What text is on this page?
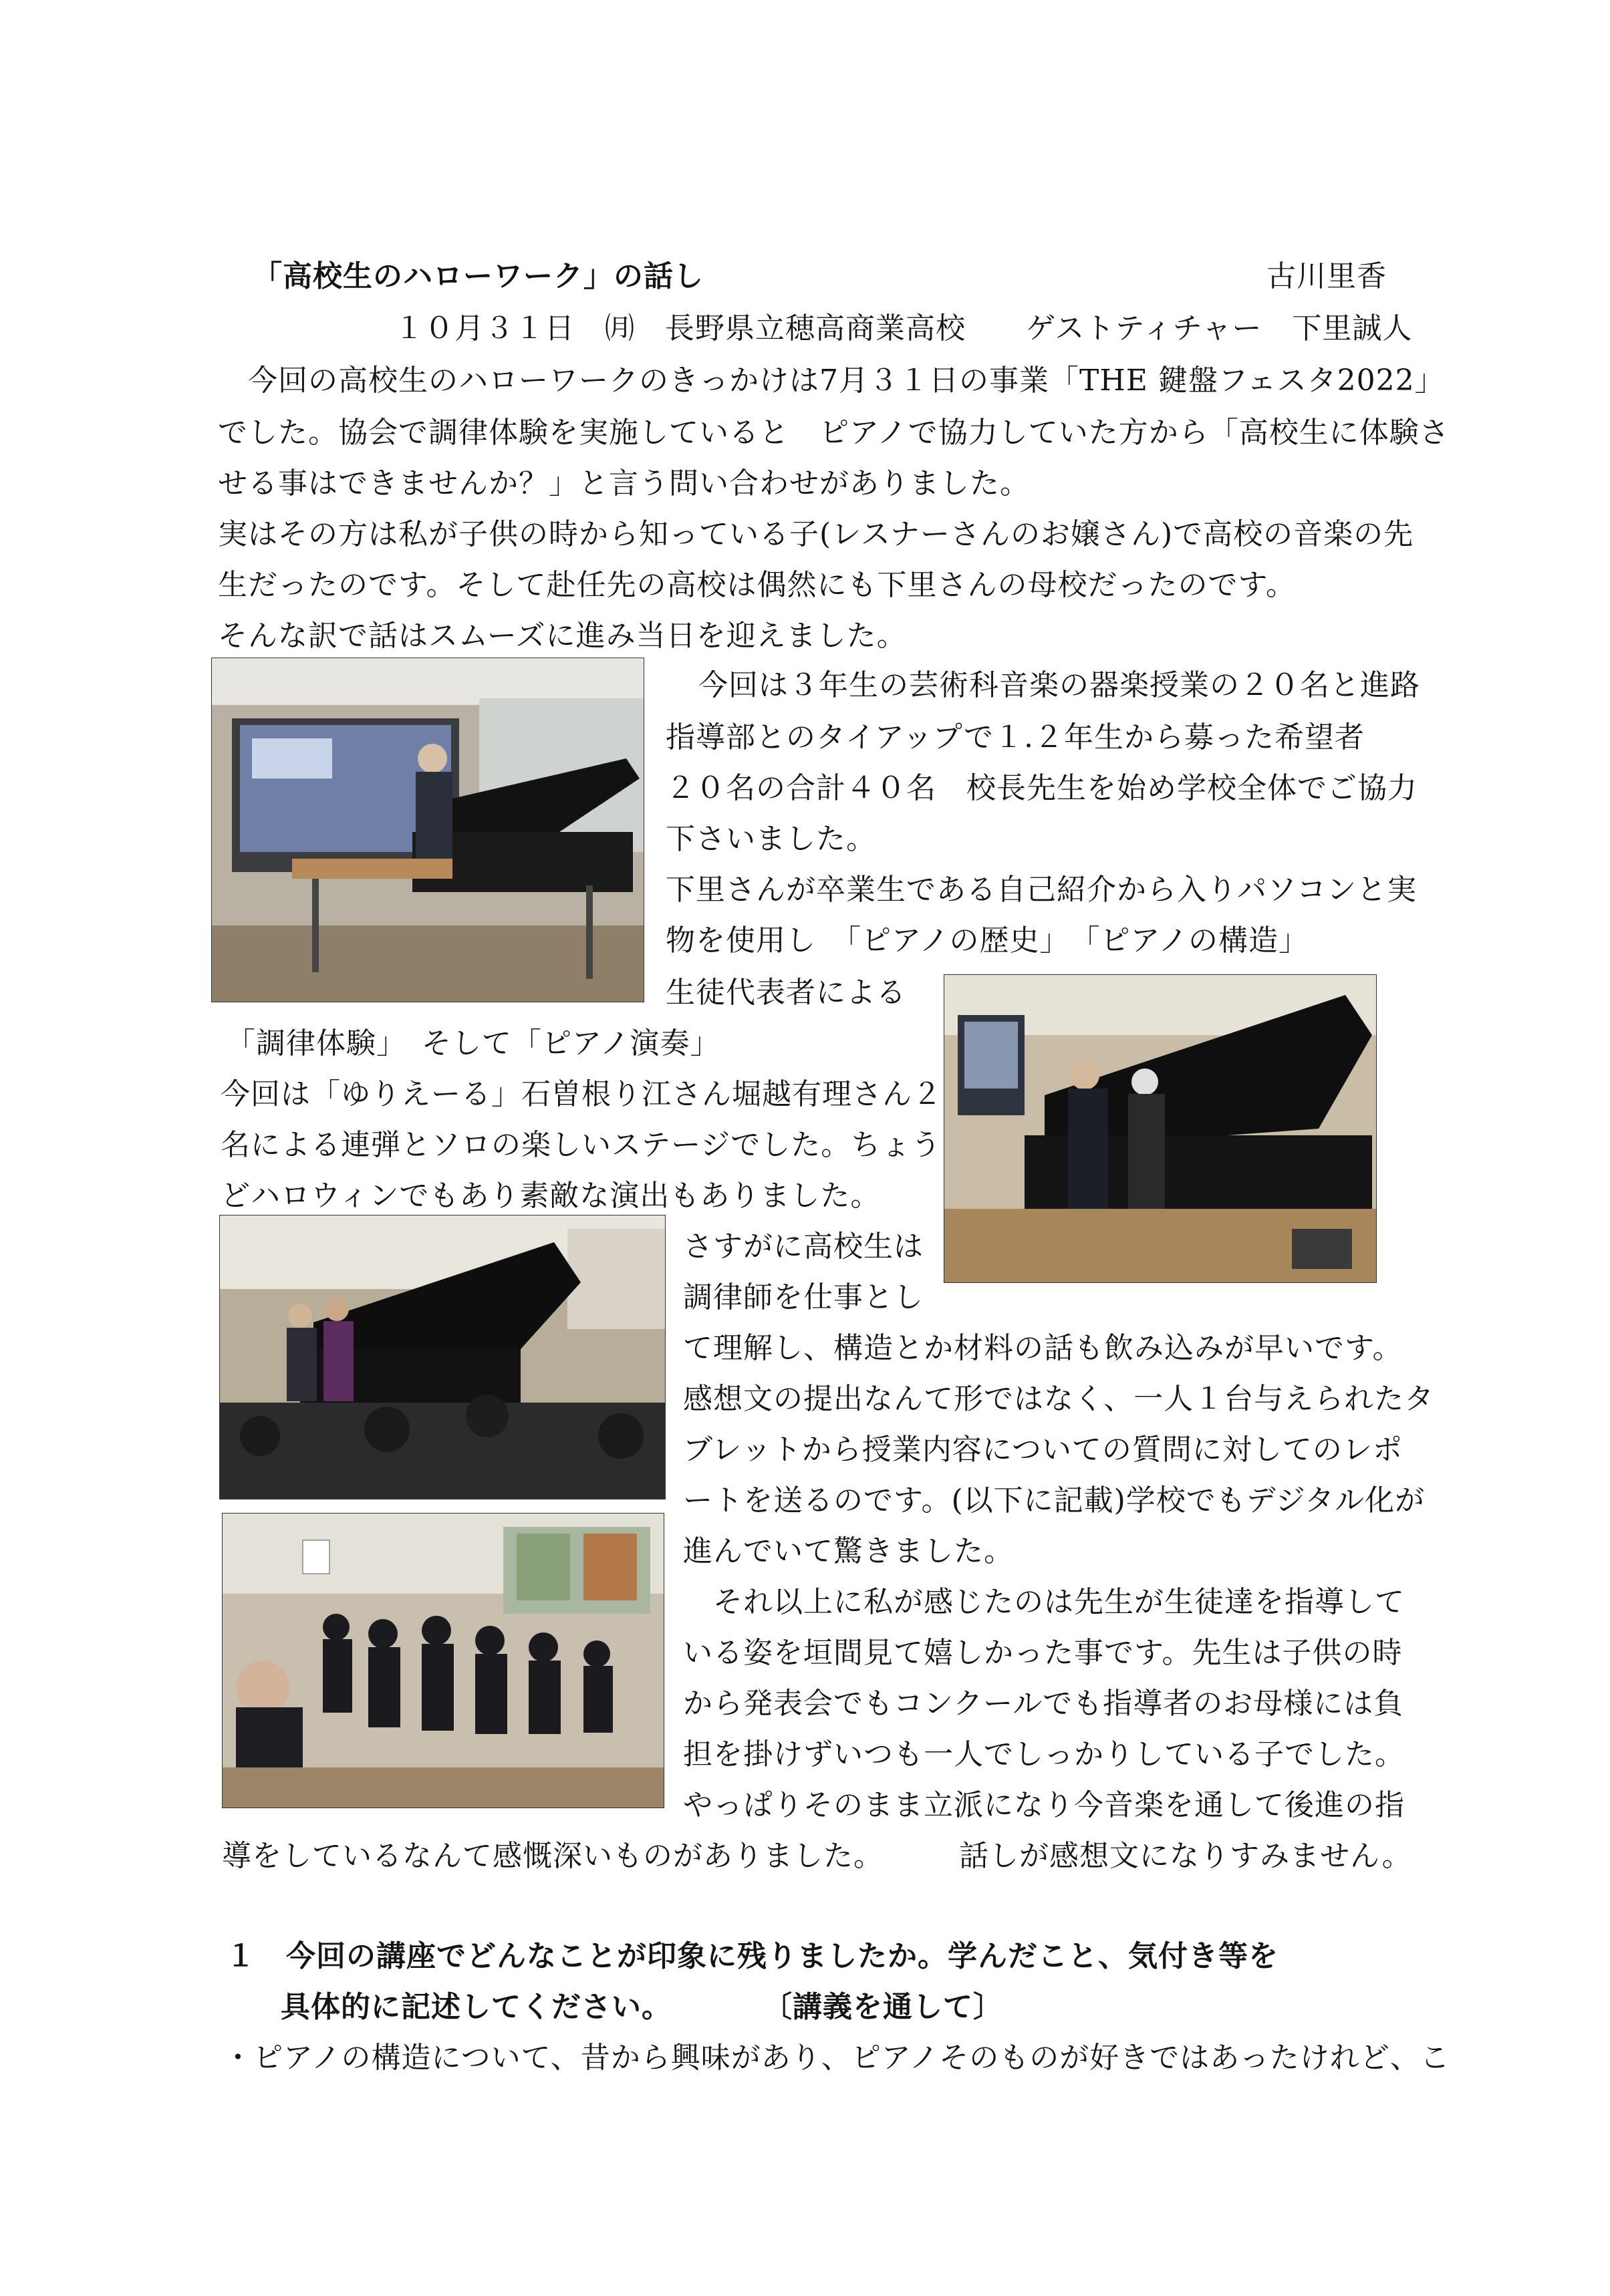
「高校生のハローワーク」の話し	古川里香
１０月３１日　㈪　長野県立穂高商業高校　　ゲストティチャー　下里誠人
　今回の高校生のハローワークのきっかけは7月３１日の事業「THE 鍵盤フェスタ2022」
でした。協会で調律体験を実施していると　ピアノで協力していた方から「高校生に体験さ
せる事はできませんか？」と言う問い合わせがありました。
実はその方は私が子供の時から知っている子(レスナーさんのお嬢さん)で高校の音楽の先
生だったのです。そして赴任先の高校は偶然にも下里さんの母校だったのです。
そんな訳で話はスムーズに進み当日を迎えました。
　今回は３年生の芸術科音楽の器楽授業の２０名と進路
指導部とのタイアップで１.２年生から募った希望者
２０名の合計４０名　校長先生を始め学校全体でご協力
下さいました。
下里さんが卒業生である自己紹介から入りパソコンと実
物を使用し　「ピアノの歴史」　「ピアノの構造」
生徒代表者による
「調律体験」　そして「ピアノ演奏」
今回は「ゆりえーる」石曽根り江さん堀越有理さん２
名による連弾とソロの楽しいステージでした。ちょう
どハロウィンでもあり素敵な演出もありました。
さすがに高校生は
調律師を仕事とし
て理解し、構造とか材料の話も飲み込みが早いです。
感想文の提出なんて形ではなく、一人１台与えられたタ
ブレットから授業内容についての質問に対してのレポ
ートを送るのです。(以下に記載)学校でもデジタル化が
進んでいて驚きました。
　それ以上に私が感じたのは先生が生徒達を指導して
いる姿を垣間見て嬉しかった事です。先生は子供の時
から発表会でもコンクールでも指導者のお母様には負
担を掛けずいつも一人でしっかりしている子でした。
やっぱりそのまま立派になり今音楽を通して後進の指
導をしているなんて感慨深いものがありました。　　　話しが感想文になりすみません。
１　今回の講座でどんなことが印象に残りましたか。学んだこと、気付き等を
具体的に記述してください。　　　　〔講義を通して〕
・ピアノの構造について、昔から興味があり、ピアノそのものが好きではあったけれど、こ
